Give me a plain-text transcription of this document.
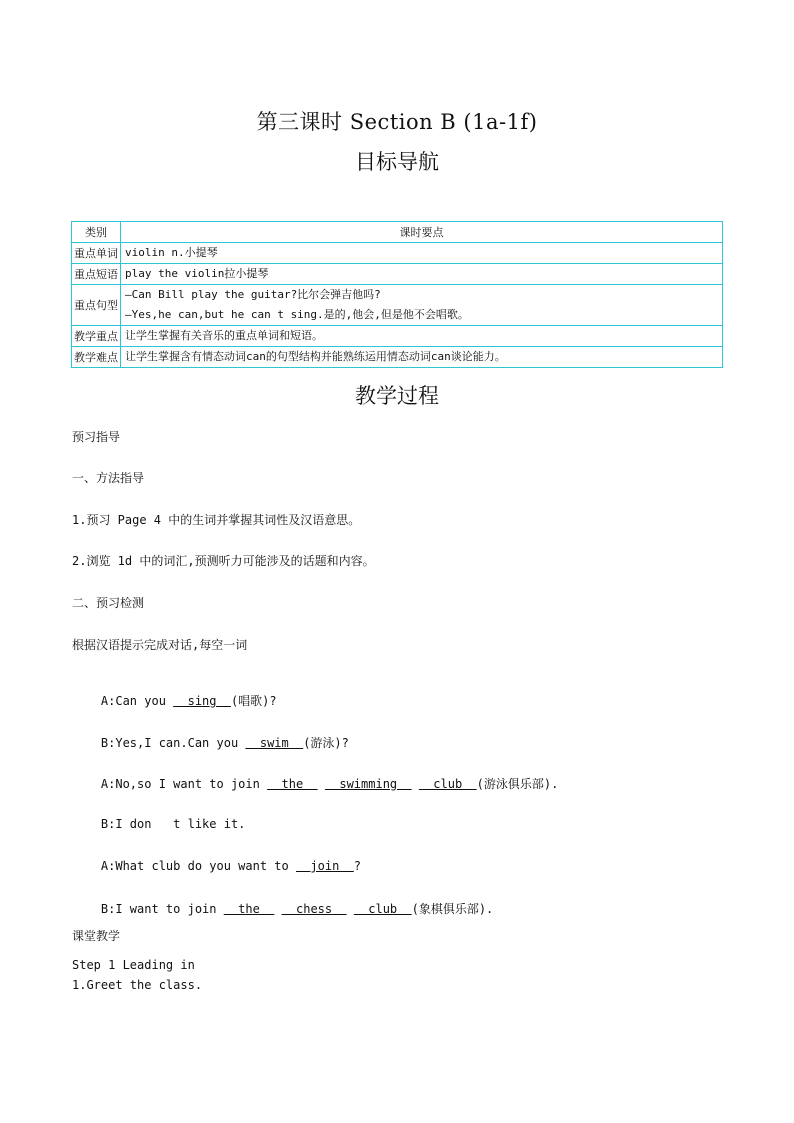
第三课时 Section B (1a-1f)
目标导航
类别	课时要点
重点单词	violin n.小提琴

重点短语	play the violin拉小提琴

重点句型	—Can Bill play the guitar?比尔会弹吉他吗?
—Yes,he can,but he can t sing.是的,他会,但是他不会唱歌。

教学重点	让学生掌握有关音乐的重点单词和短语。

教学难点	让学生掌握含有情态动词can的句型结构并能熟练运用情态动词can谈论能力。
教学过程
预习指导
一、方法指导
1.预习 Page 4 中的生词并掌握其词性及汉语意思。
2.浏览 1d 中的词汇,预测听力可能涉及的话题和内容。
二、预习检测
根据汉语提示完成对话,每空一词

A:Can you   sing  (唱歌)?

B:Yes,I can.Can you   swim  (游泳)?

A:No,so I want to join   the     swimming     club  (游泳俱乐部).

B:I don   t like it.

A:What club do you want to   join  ?

B:I want to join   the     chess     club  (象棋俱乐部).

课堂教学
Step 1 Leading in
1.Greet the class.
